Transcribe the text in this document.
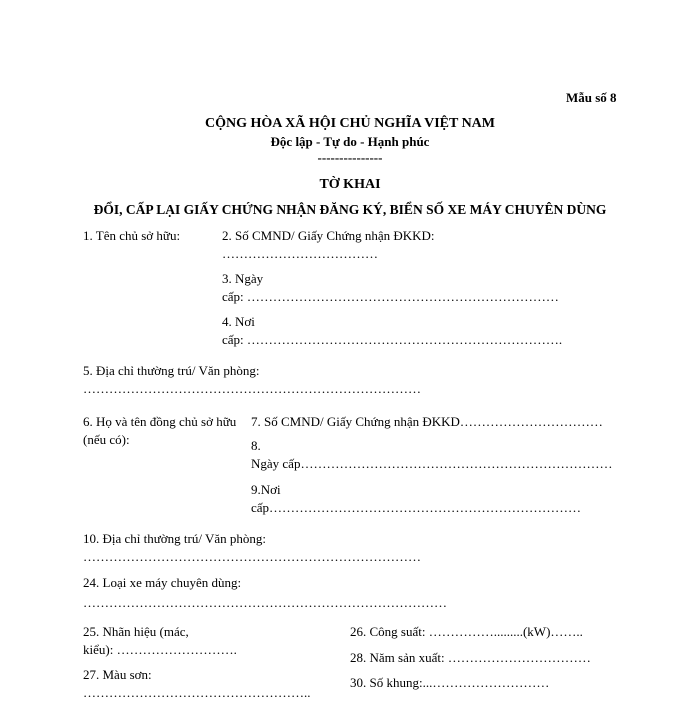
Mẫu số 8
CỘNG HÒA XÃ HỘI CHỦ NGHĨA VIỆT NAM
Độc lập - Tự do - Hạnh phúc
---------------
TỜ KHAI
ĐỔI, CẤP LẠI GIẤY CHỨNG NHẬN ĐĂNG KÝ, BIỂN SỐ XE MÁY CHUYÊN DÙNG
1. Tên chủ sở hữu:	2. Số CMND/ Giấy Chứng nhận ĐKKD:
………………………………
3. Ngày
cấp: ………………………………………………………………
4. Nơi
cấp: ……………………………………………………………….
5. Địa chỉ thường trú/ Văn phòng:
……………………………………………………………………
6. Họ và tên đồng chủ sở hữu
(nếu có):
7. Số CMND/ Giấy Chứng nhận ĐKKD……………………………
8.
Ngày cấp………………………………………………………………
9.Nơi
cấp………………………………………………………………
10. Địa chỉ thường trú/ Văn phòng:
……………………………………………………………………
24. Loại xe máy chuyên dùng:
…………………………………………………………………………
25. Nhãn hiệu (mác,
kiểu): ……………………….
26. Công suất: …………….........(kW)……..
28. Năm sản xuất: ……………………………
27. Màu sơn:
……………………………………………..
30. Số khung:...………………………
